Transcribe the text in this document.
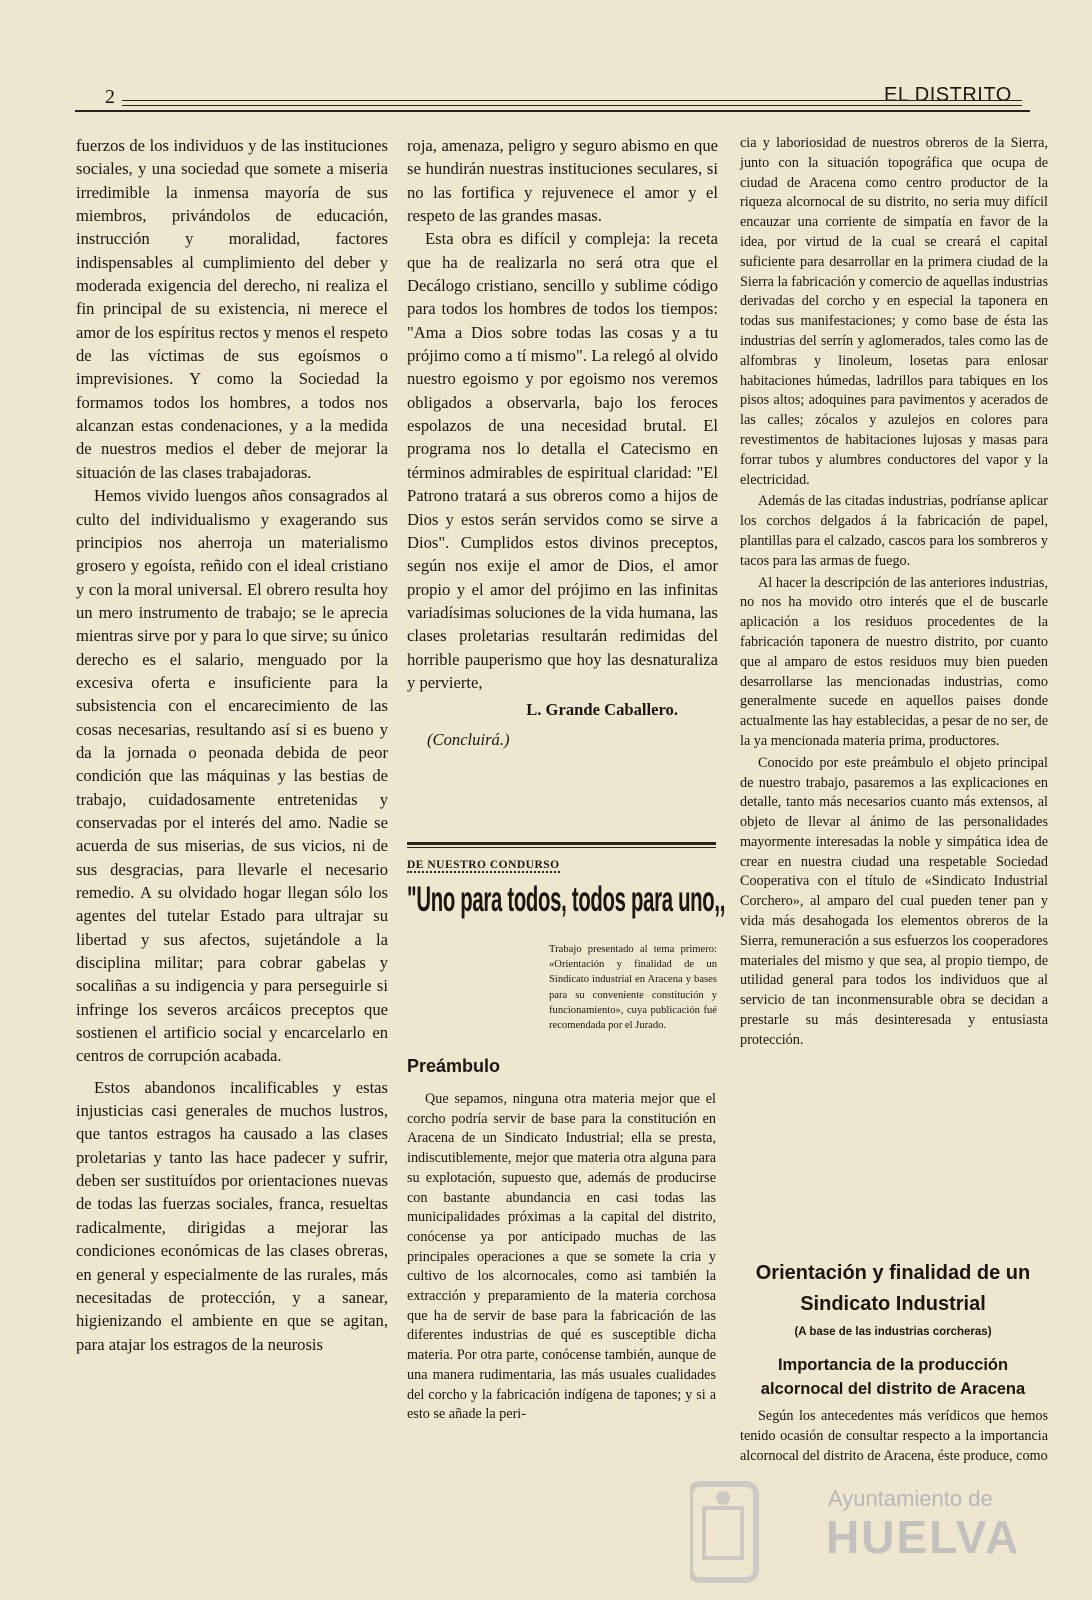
2	EL DISTRITO

fuerzos de los individuos y de las instituciones sociales, y una sociedad que somete a miseria irredimible la inmensa mayoría de sus miembros, privándolos de educación, instrucción y moralidad, factores indispensables al cumplimiento del deber y moderada exigencia del derecho, ni realiza el fin principal de su existencia, ni merece el amor de los espíritus rectos y menos el respeto de las víctimas de sus egoísmos o imprevisiones. Y como la Sociedad la formamos todos los hombres, a todos nos alcanzan estas condenaciones, y a la medida de nuestros medios el deber de mejorar la situación de las clases trabajadoras.

Hemos vivido luengos años consagrados al culto del individualismo y exagerando sus principios nos aherroja un materialismo grosero y egoísta, reñido con el ideal cristiano y con la moral universal. El obrero resulta hoy un mero instrumento de trabajo; se le aprecia mientras sirve por y para lo que sirve; su único derecho es el salario, menguado por la excesiva oferta e insuficiente para la subsistencia con el encarecimiento de las cosas necesarias, resultando así si es bueno y da la jornada o peonada debida de peor condición que las máquinas y las bestias de trabajo, cuidadosamente entretenidas y conservadas por el interés del amo. Nadie se acuerda de sus miserias, de sus vicios, ni de sus desgracias, para llevarle el necesario remedio. A su olvidado hogar llegan sólo los agentes del tutelar Estado para ultrajar su libertad y sus afectos, sujetándole a la disciplina militar; para cobrar gabelas y socaliñas a su indigencia y para perseguirle si infringe los severos arcáicos preceptos que sostienen el artificio social y encarcelarlo en centros de corrupción acabada.

Estos abandonos incalificables y estas injusticias casi generales de muchos lustros, que tantos estragos ha causado a las clases proletarias y tanto las hace padecer y sufrir, deben ser sustituídos por orientaciones nuevas de todas las fuerzas sociales, franca, resueltas radicalmente, dirigidas a mejorar las condiciones económicas de las clases obreras, en general y especialmente de las rurales, más necesitadas de protección, y a sanear, higienizando el ambiente en que se agitan, para atajar los estragos de la neurosis

roja, amenaza, peligro y seguro abismo en que se hundirán nuestras instituciones seculares, si no las fortifica y rejuvenece el amor y el respeto de las grandes masas.

Esta obra es difícil y compleja: la receta que ha de realizarla no será otra que el Decálogo cristiano, sencillo y sublime código para todos los hombres de todos los tiempos: "Ama a Dios sobre todas las cosas y a tu prójimo como a tí mismo". La relegó al olvido nuestro egoismo y por egoismo nos veremos obligados a observarla, bajo los feroces espolazos de una necesidad brutal. El programa nos lo detalla el Catecismo en términos admirables de espiritual claridad: "El Patrono tratará a sus obreros como a hijos de Dios y estos serán servidos como se sirve a Dios". Cumplidos estos divinos preceptos, según nos exije el amor de Dios, el amor propio y el amor del prójimo en las infinitas variadísimas soluciones de la vida humana, las clases proletarias resultarán redimidas del horrible pauperismo que hoy las desnaturaliza y pervierte,

L. Grande Caballero.

(Concluirá.)

DE NUESTRO CONDURSO
"Uno para todos, todos para uno,,
Trabajo presentado al tema primero: «Orientación y finalidad de un Sindicato industrial en Aracena y bases para su conveniente constitución y funcionamiento», cuya publicación fué recomendada por el Jurado.
Preámbulo

Que sepamos, ninguna otra materia mejor que el corcho podría servir de base para la constitución en Aracena de un Sindicato Industrial; ella se presta, indiscutiblemente, mejor que materia otra alguna para su explotación, supuesto que, además de producirse con bastante abundancia en casi todas las municipalidades próximas a la capital del distrito, conócense ya por anticipado muchas de las principales operaciones a que se somete la cria y cultivo de los alcornocales, como asi también la extracción y preparamiento de la materia corchosa que ha de servir de base para la fabricación de las diferentes industrias de qué es susceptible dicha materia. Por otra parte, conócense también, aunque de una manera rudimentaria, las más usuales cualidades del corcho y la fabricación indígena de tapones; y si a esto se añade la peri-

cia y laboriosidad de nuestros obreros de la Sierra, junto con la situación topográfica que ocupa de ciudad de Aracena como centro productor de la riqueza alcornocal de su distrito, no seria muy difícil encauzar una corriente de simpatía en favor de la idea, por virtud de la cual se creará el capital suficiente para desarrollar en la primera ciudad de la Sierra la fabricación y comercio de aquellas industrias derivadas del corcho y en especial la taponera en todas sus manifestaciones; y como base de ésta las industrias del serrín y aglomerados, tales como las de alfombras y linoleum, losetas para enlosar habitaciones húmedas, ladrillos para tabiques en los pisos altos; adoquines para pavimentos y acerados de las calles; zócalos y azulejos en colores para revestimentos de habitaciones lujosas y masas para forrar tubos y alumbres conductores del vapor y la electricidad.

Además de las citadas industrias, podríanse aplicar los corchos delgados á la fabricación de papel, plantillas para el calzado, cascos para los sombreros y tacos para las armas de fuego.

Al hacer la descripción de las anteriores industrias, no nos ha movido otro interés que el de buscarle aplicación a los residuos procedentes de la fabricación taponera de nuestro distrito, por cuanto que al amparo de estos residuos muy bien pueden desarrollarse las mencionadas industrias, como generalmente sucede en aquellos paises donde actualmente las hay establecidas, a pesar de no ser, de la ya mencionada materia prima, productores.

Conocido por este preámbulo el objeto principal de nuestro trabajo, pasaremos a las explicaciones en detalle, tanto más necesarios cuanto más extensos, al objeto de llevar al ánimo de las personalidades mayormente interesadas la noble y simpática idea de crear en nuestra ciudad una respetable Sociedad Cooperativa con el título de «Sindicato Industrial Corchero», al amparo del cual pueden tener pan y vida más desahogada los elementos obreros de la Sierra, remuneración a sus esfuerzos los cooperadores materiales del mismo y que sea, al propio tiempo, de utilidad general para todos los individuos que al servicio de tan inconmensurable obra se decidan a prestarle su más desinteresada y entusiasta protección.

Orientación y finalidad de un Sindicato Industrial
(A base de las industrias corcheras)
Importancia de la producción alcornocal del distrito de Aracena

Según los antecedentes más verídicos que hemos tenido ocasión de consultar respecto a la importancia alcornocal del distrito de Aracena, éste produce, como

Ayuntamiento de
HUELVA
